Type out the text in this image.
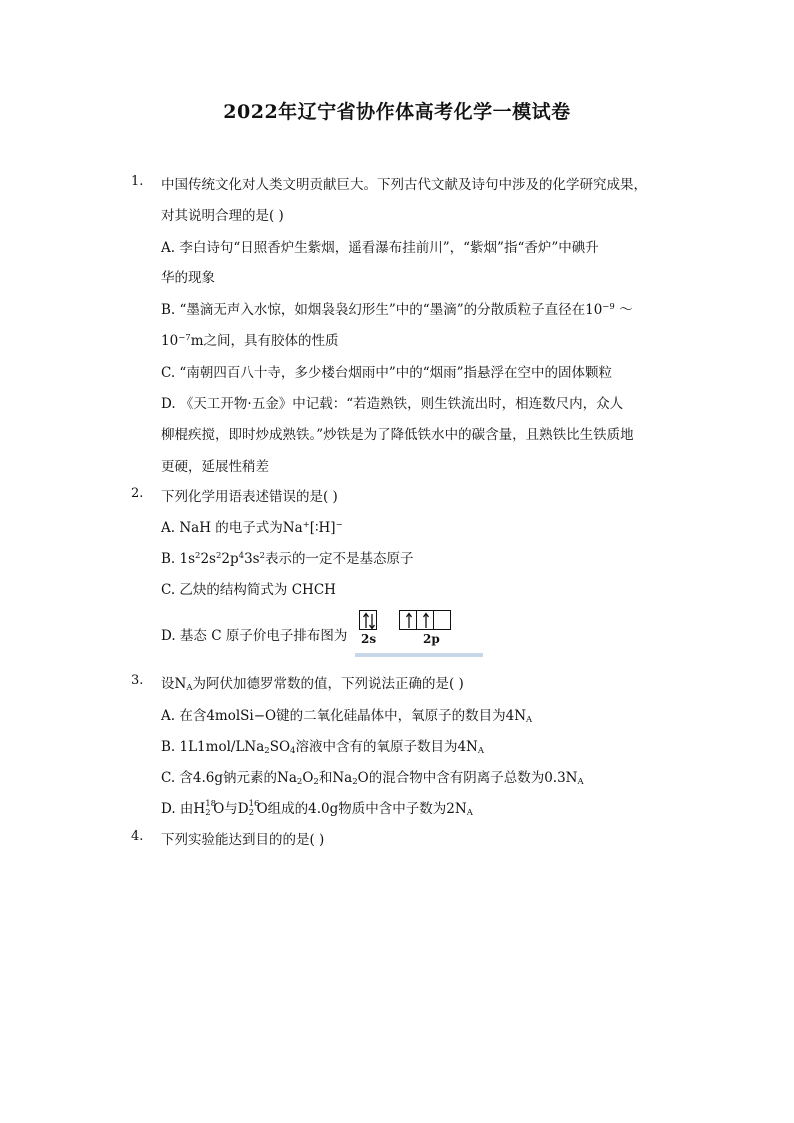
2022年辽宁省协作体高考化学一模试卷
1. 中国传统文化对人类文明贡献巨大。下列古代文献及诗句中涉及的化学研究成果，
对其说明合理的是( )
A. 李白诗句“日照香炉生紫烟，遥看瀑布挂前川”，“紫烟”指“香炉”中碘升
华的现象
B. “墨滴无声入水惊，如烟袅袅幻形生”中的“墨滴”的分散质粒子直径在$10^{-9}$ ～
$10^{-7}m$之间，具有胶体的性质
C. “南朝四百八十寺，多少楼台烟雨中”中的“烟雨”指悬浮在空中的固体颗粒
D. 《天工开物·五金》中记载：“若造熟铁，则生铁流出时，相连数尺内，众人
柳棍疾搅，即时炒成熟铁。”炒铁是为了降低铁水中的碳含量，且熟铁比生铁质地
更硬，延展性稍差
2. 下列化学用语表述错误的是( )
A. NaH 的电子式为Na+[∶H]−
B. $1s^22s^22p^43s^2$表示的一定不是基态原子
C. 乙炔的结构简式为 CHCH
D. 基态 C 原子价电子排布图为 2s	2p
3. 设$N_A$为阿伏加德罗常数的值，下列说法正确的是( )
A. 在含4molSi−O键的二氧化硅晶体中，氧原子的数目为$4N_A$
B. $1L1mol/LNa_2SO_4$溶液中含有的氧原子数目为$4N_A$
C. 含4.6g钠元素的$Na_2O_2$和$Na_2O$的混合物中含有阴离子总数为$0.3N_A$
D. 由H 18
2 O与D 16
2 O组成的4.0g物质中含中子数为$2N_A$
4. 下列实验能达到目的的是( )
